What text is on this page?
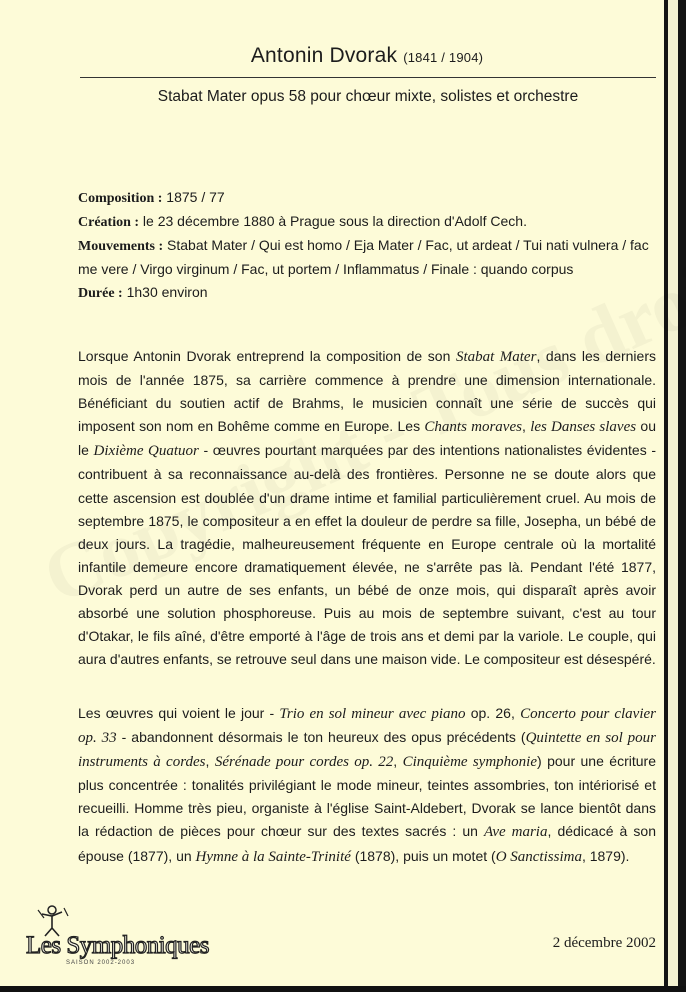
Antonin Dvorak (1841 / 1904)
Stabat Mater opus 58 pour chœur mixte, solistes et orchestre

Composition : 1875 / 77

Création : le 23 décembre 1880 à Prague sous la direction d'Adolf Cech.

Mouvements : Stabat Mater / Qui est homo / Eja Mater / Fac, ut ardeat / Tui nati vulnera / fac me vere / Virgo virginum / Fac, ut portem / Inflammatus / Finale : quando corpus

Durée : 1h30 environ

Lorsque Antonin Dvorak entreprend la composition de son Stabat Mater, dans les derniers mois de l'année 1875, sa carrière commence à prendre une dimension internationale. Bénéficiant du soutien actif de Brahms, le musicien connaît une série de succès qui imposent son nom en Bohême comme en Europe. Les Chants moraves, les Danses slaves ou le Dixième Quatuor - œuvres pourtant marquées par des intentions nationalistes évidentes - contribuent à sa reconnaissance au-delà des frontières. Personne ne se doute alors que cette ascension est doublée d'un drame intime et familial particulièrement cruel. Au mois de septembre 1875, le compositeur a en effet la douleur de perdre sa fille, Josepha, un bébé de deux jours. La tragédie, malheureusement fréquente en Europe centrale où la mortalité infantile demeure encore dramatiquement élevée, ne s'arrête pas là. Pendant l'été 1877, Dvorak perd un autre de ses enfants, un bébé de onze mois, qui disparaît après avoir absorbé une solution phosphoreuse. Puis au mois de septembre suivant, c'est au tour d'Otakar, le fils aîné, d'être emporté à l'âge de trois ans et demi par la variole. Le couple, qui aura d'autres enfants, se retrouve seul dans une maison vide. Le compositeur est désespéré.

Les œuvres qui voient le jour - Trio en sol mineur avec piano op. 26, Concerto pour clavier op. 33 - abandonnent désormais le ton heureux des opus précédents (Quintette en sol pour instruments à cordes, Sérénade pour cordes op. 22, Cinquième symphonie) pour une écriture plus concentrée : tonalités privilégiant le mode mineur, teintes assombries, ton intériorisé et recueilli. Homme très pieu, organiste à l'église Saint-Aldebert, Dvorak se lance bientôt dans la rédaction de pièces pour chœur sur des textes sacrés : un Ave maria, dédicacé à son épouse (1877), un Hymne à la Sainte-Trinité (1878), puis un motet (O Sanctissima, 1879).

Les Symphoniques
SAISON 2002-2003
2 décembre 2002
